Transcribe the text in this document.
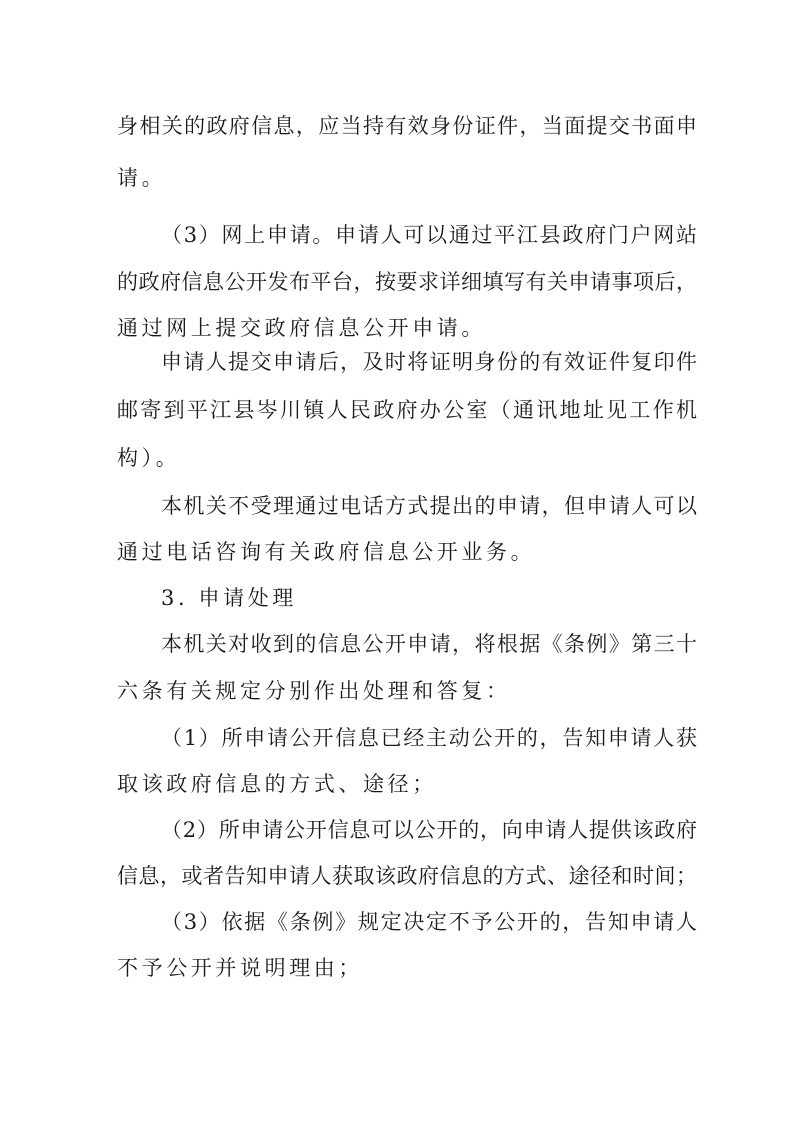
身相关的政府信息，应当持有效身份证件，当面提交书面申
请。
（3）网上申请。申请人可以通过平江县政府门户网站
的政府信息公开发布平台，按要求详细填写有关申请事项后，
通过网上提交政府信息公开申请。
申请人提交申请后，及时将证明身份的有效证件复印件
邮寄到平江县岑川镇人民政府办公室（通讯地址见工作机
构）。
本机关不受理通过电话方式提出的申请，但申请人可以
通过电话咨询有关政府信息公开业务。
3. 申请处理
本机关对收到的信息公开申请，将根据《条例》第三十
六条有关规定分别作出处理和答复：
（1）所申请公开信息已经主动公开的，告知申请人获
取该政府信息的方式、途径；
（2）所申请公开信息可以公开的，向申请人提供该政府
信息，或者告知申请人获取该政府信息的方式、途径和时间；
（3）依据《条例》规定决定不予公开的，告知申请人
不予公开并说明理由；
